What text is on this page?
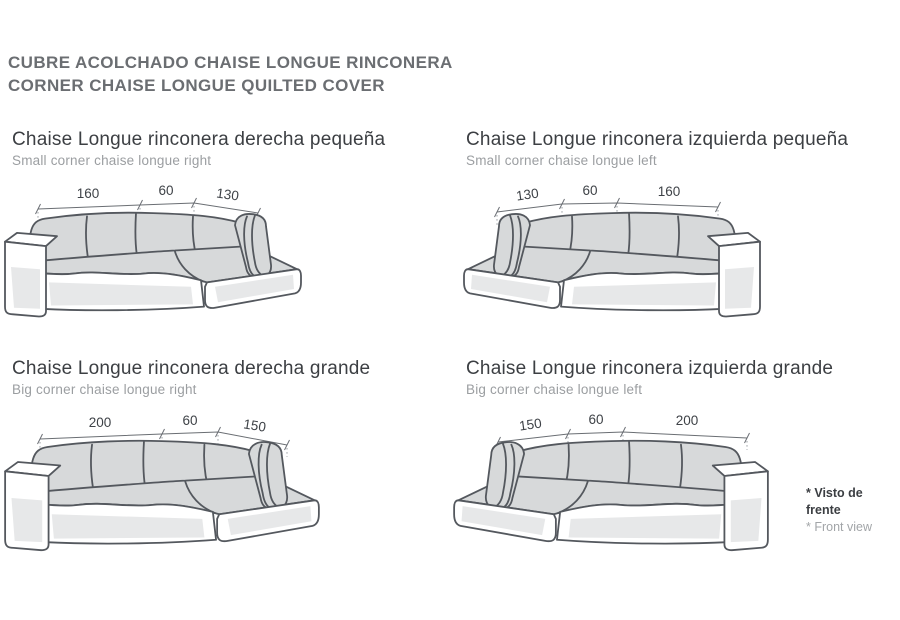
CUBRE ACOLCHADO CHAISE LONGUE RINCONERA
CORNER CHAISE LONGUE QUILTED COVER
Chaise Longue rinconera derecha pequeña
Small corner chaise longue right
Chaise Longue rinconera izquierda pequeña
Small corner chaise longue left
Chaise Longue rinconera derecha grande
Big corner chaise longue right
Chaise Longue rinconera izquierda grande
Big corner chaise longue left
160	60	130	130	60	160
200	60	150	150	60	200
* Visto de frente
* Front view
